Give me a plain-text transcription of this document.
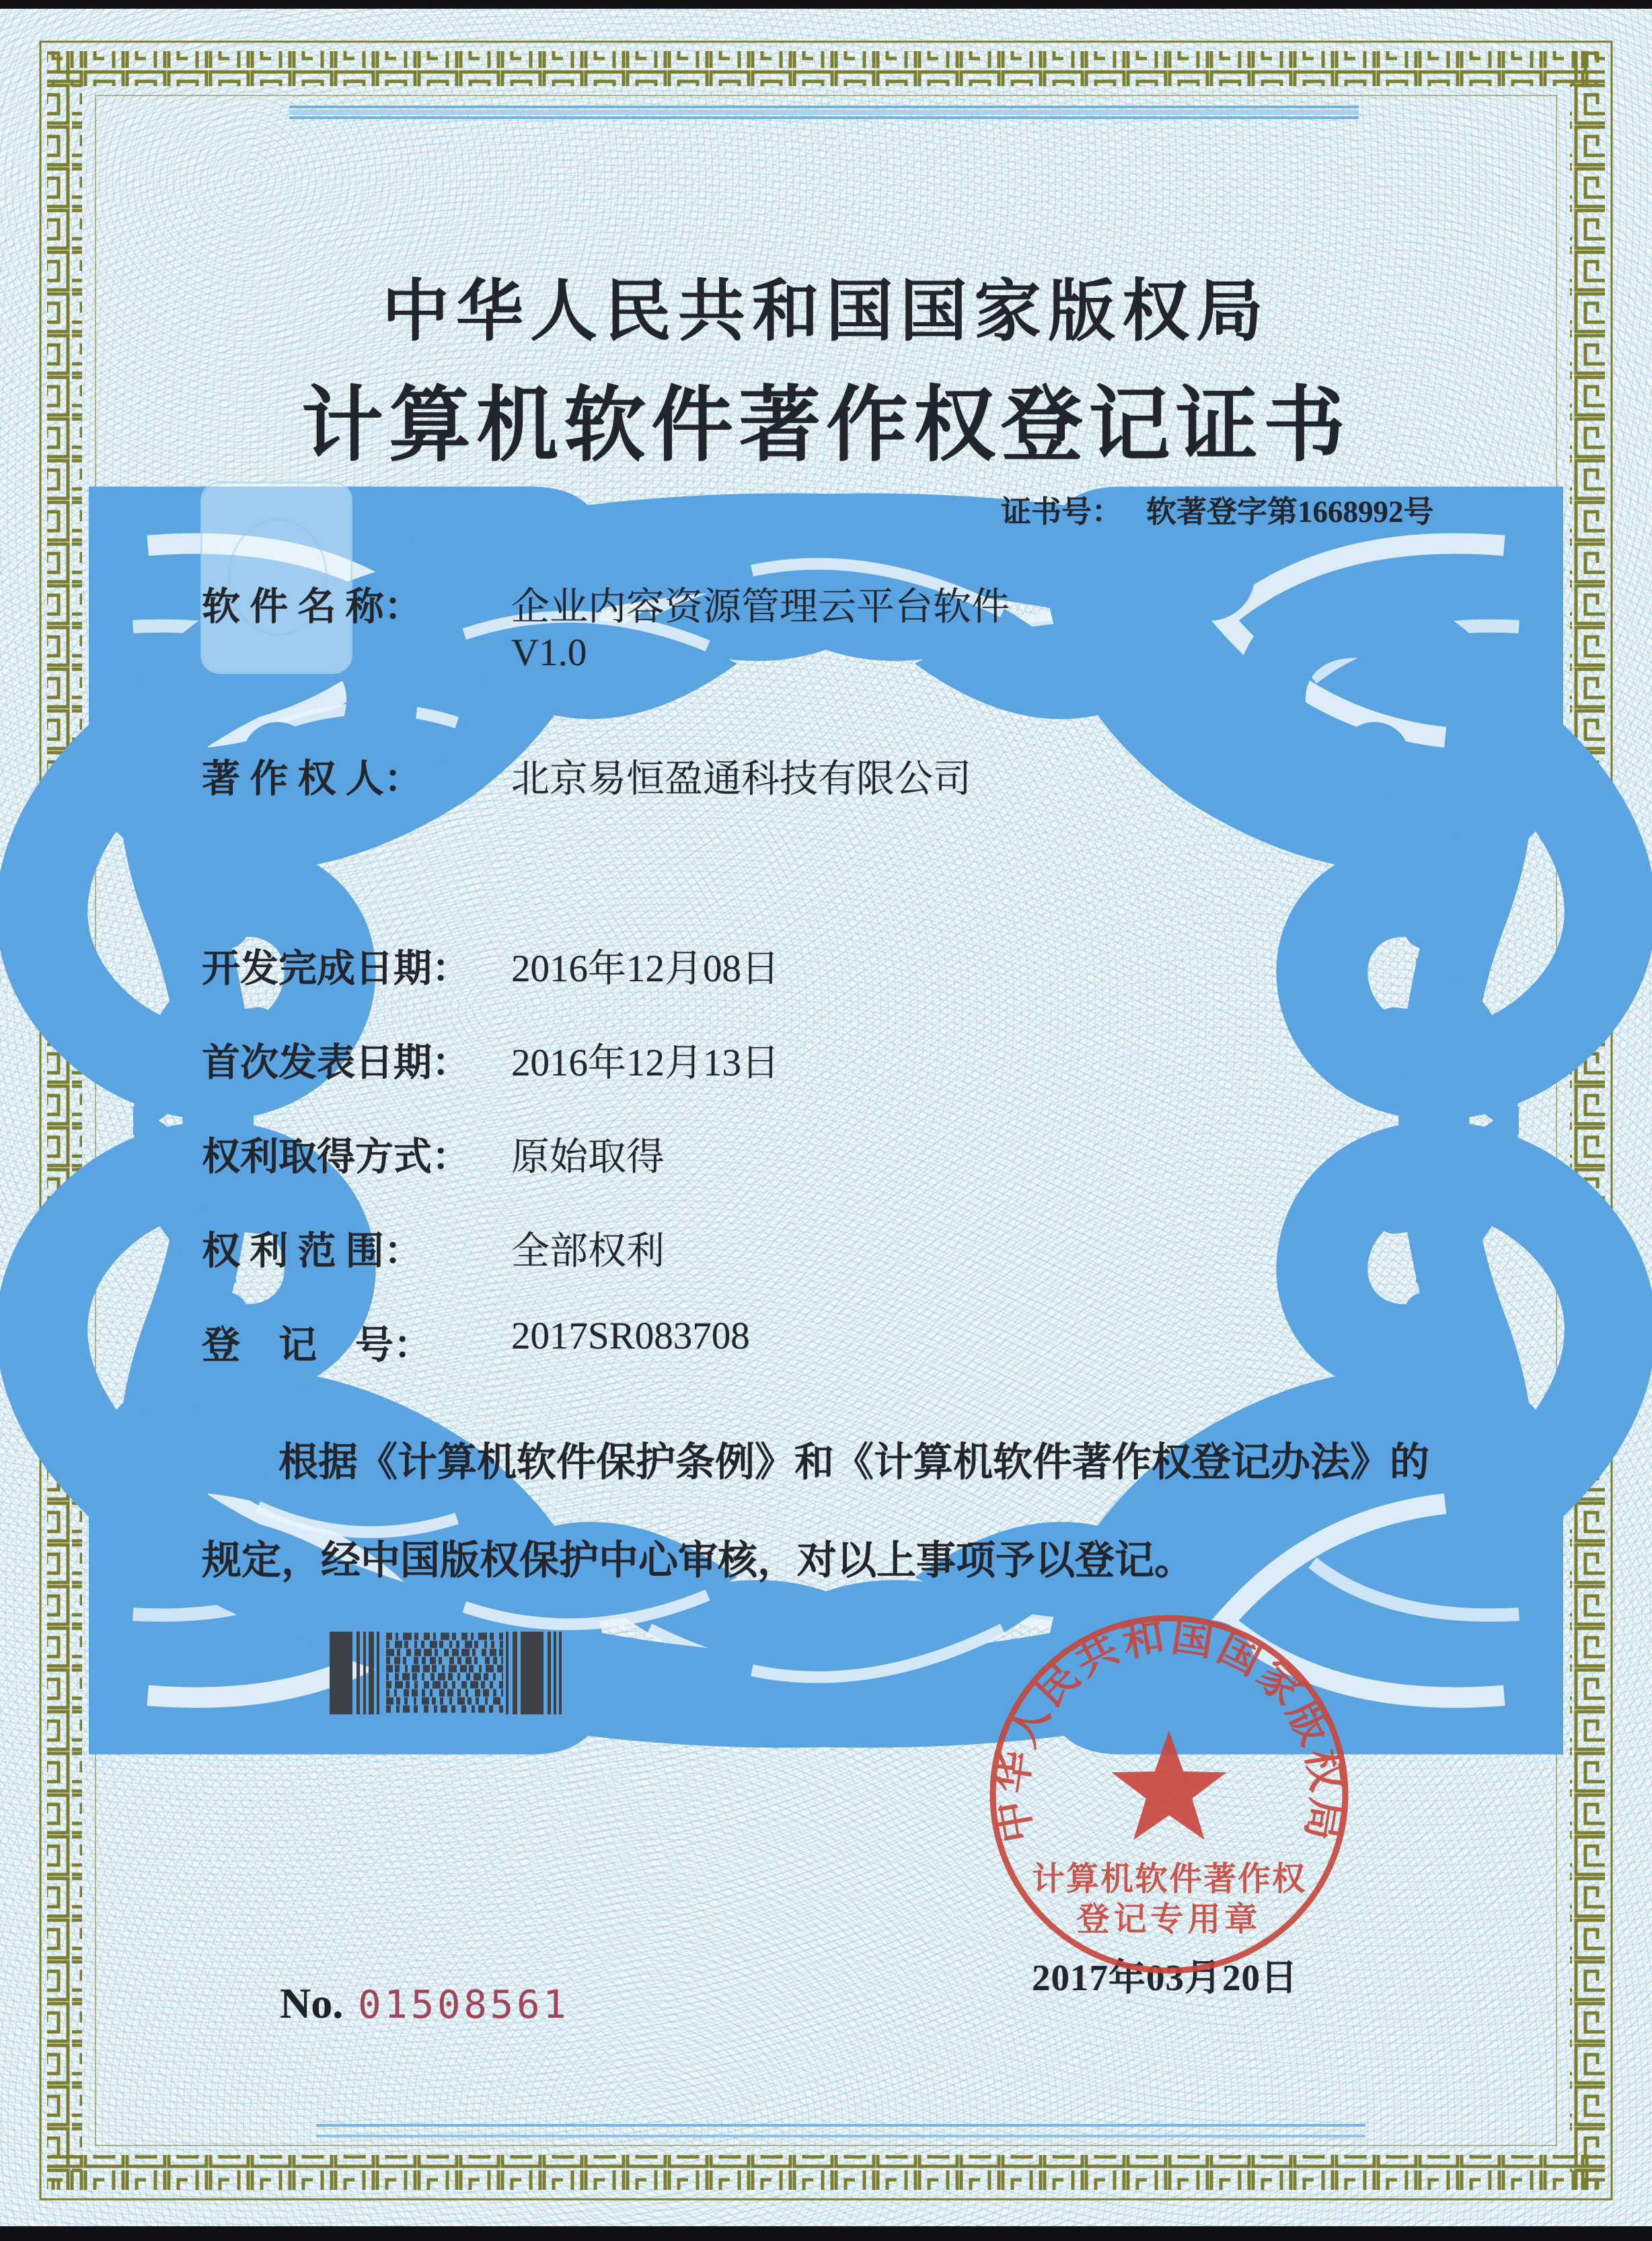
中华人民共和国国家版权局
计算机软件著作权登记证书
证书号： 软著登字第1668992号
软 件 名 称：	企业内容资源管理云平台软件
V1.0
著 作 权 人：	北京易恒盈通科技有限公司
开发完成日期：	2016年12月08日
首次发表日期：	2016年12月13日
权利取得方式：	原始取得
权 利 范 围：	全部权利
登　记　号：	2017SR083708
根据《计算机软件保护条例》和《计算机软件著作权登记办法》的
规定，经中国版权保护中心审核，对以上事项予以登记。
2017年03月20日
中华人民共和国国家版权局
计算机软件著作权
登记专用章
No. 01508561
